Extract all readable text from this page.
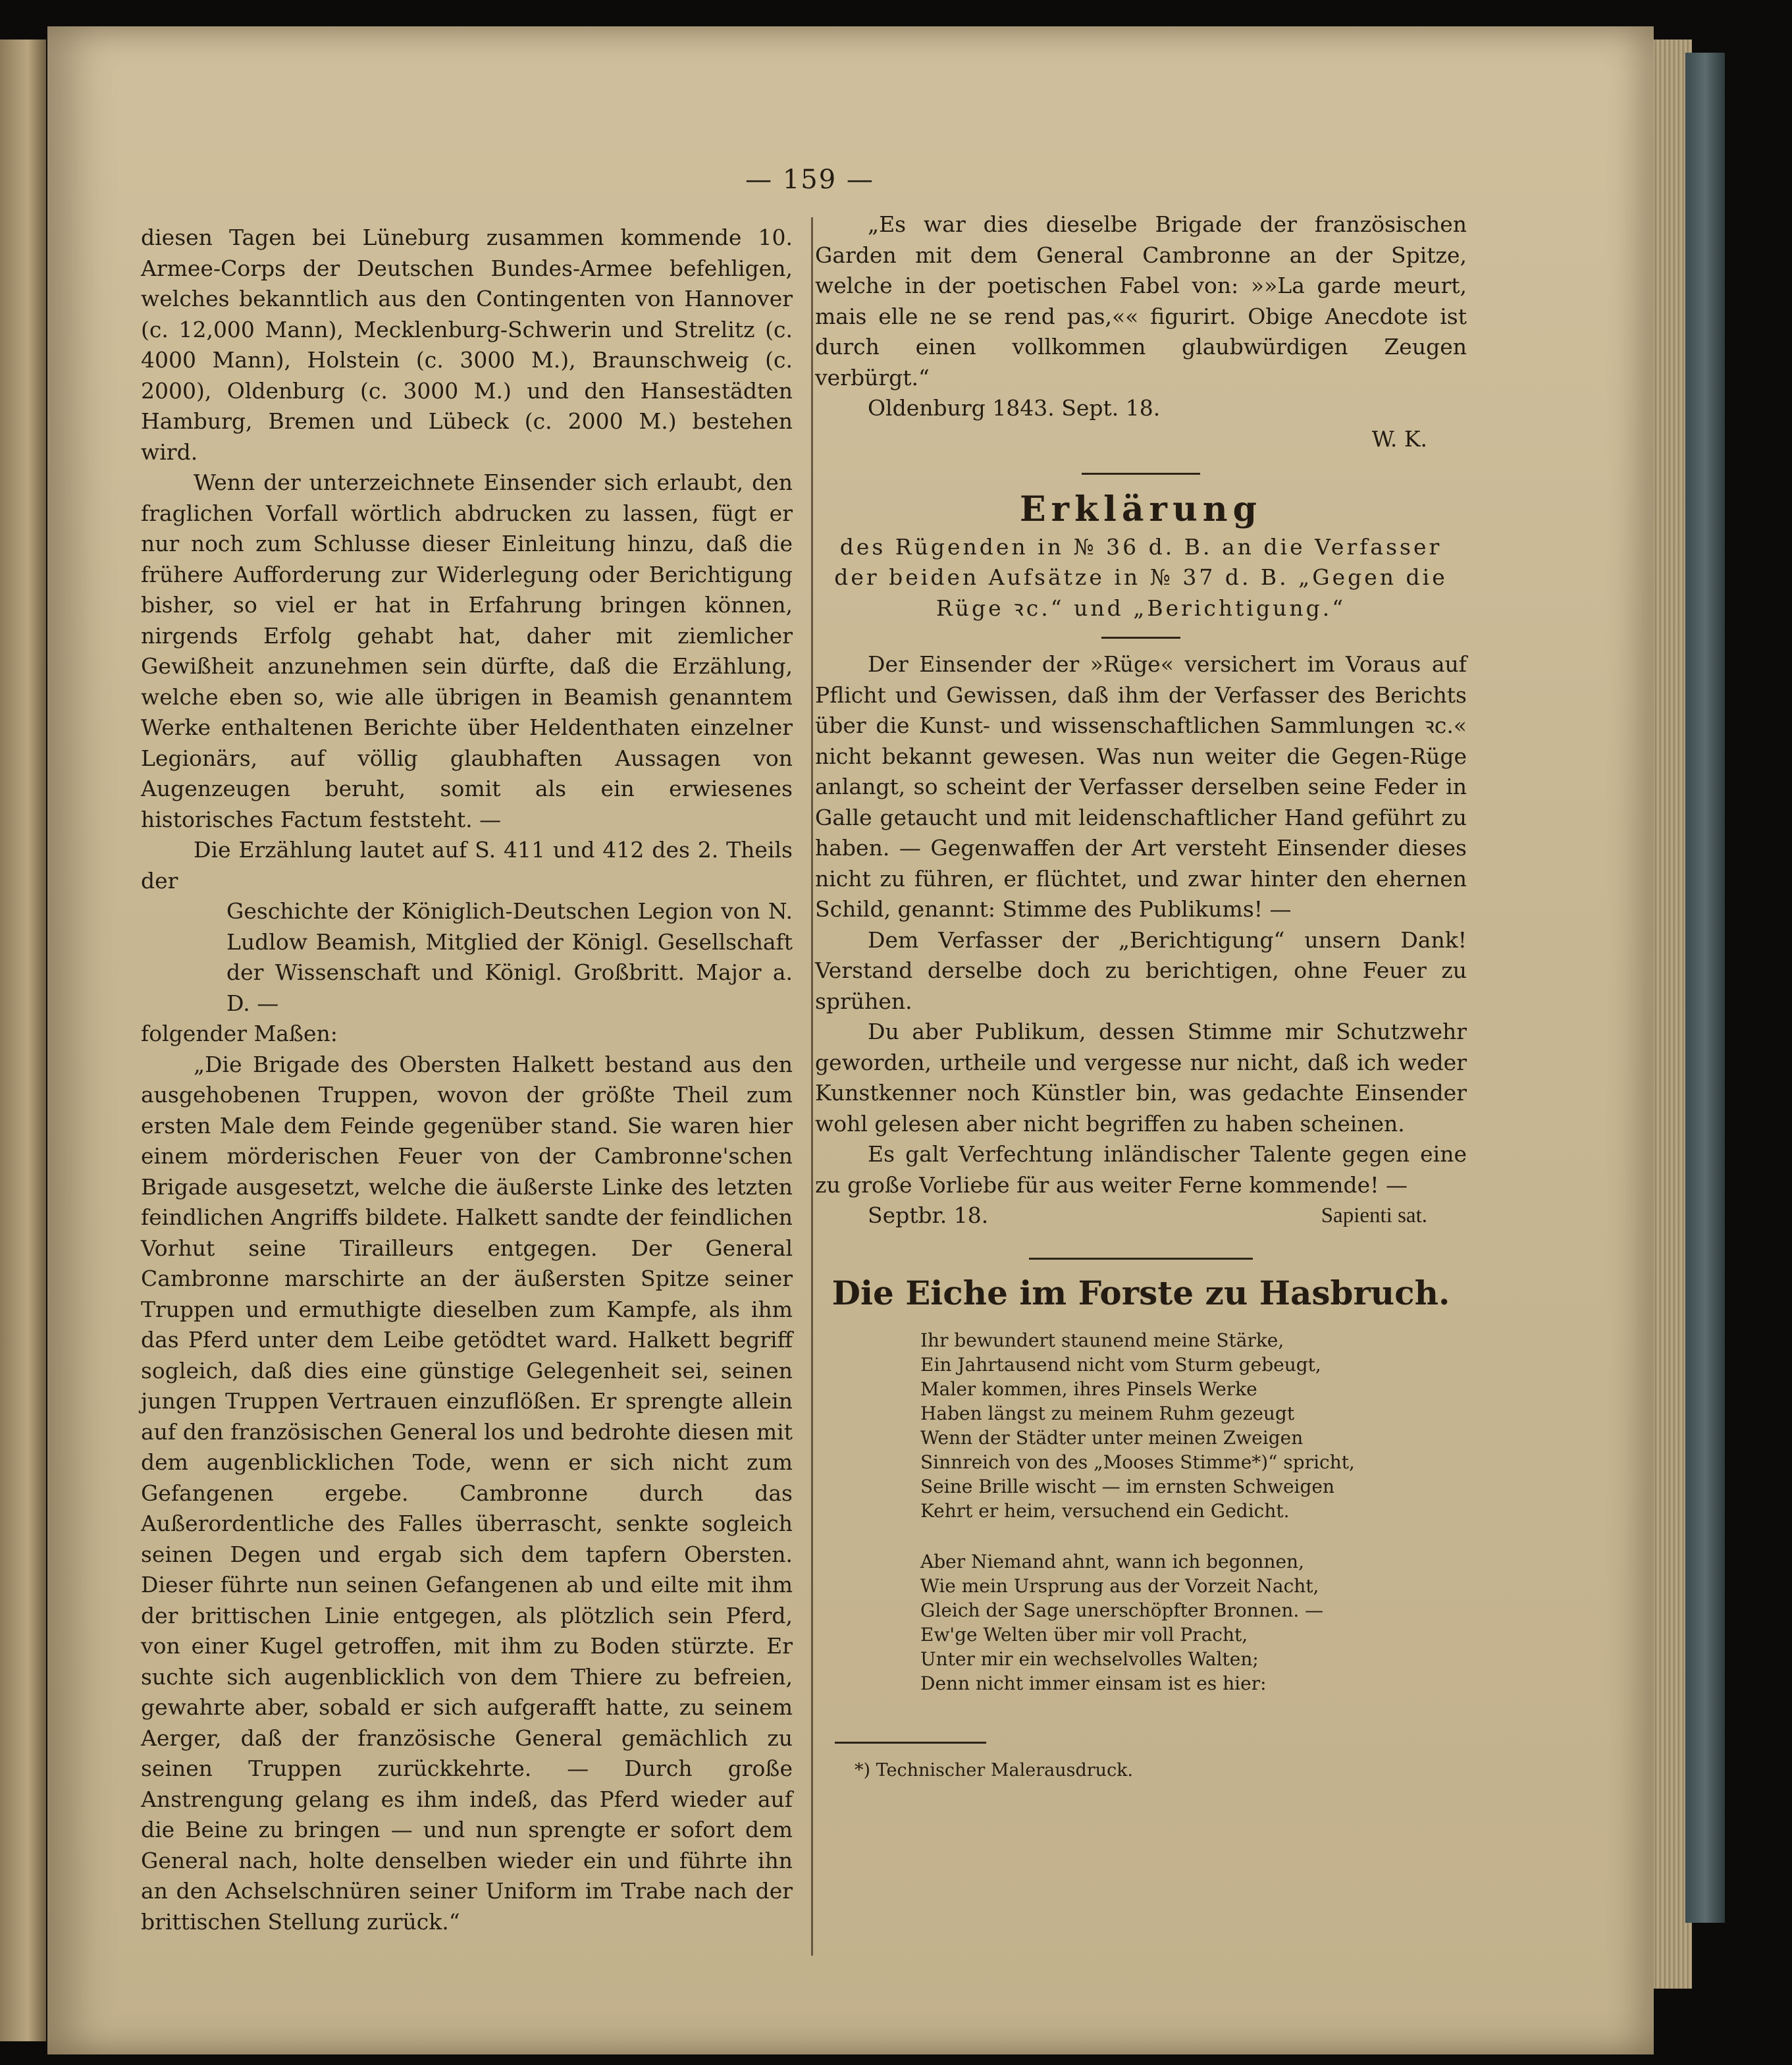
— 159 —

diesen Tagen bei Lüneburg zusammen kommende 10. Armee-Corps der Deutschen Bundes-Armee befehligen, welches bekanntlich aus den Contingenten von Hannover (c. 12,000 Mann), Mecklenburg-Schwerin und Strelitz (c. 4000 Mann), Holstein (c. 3000 M.), Braunschweig (c. 2000), Oldenburg (c. 3000 M.) und den Hansestädten Hamburg, Bremen und Lübeck (c. 2000 M.) bestehen wird.

Wenn der unterzeichnete Einsender sich erlaubt, den fraglichen Vorfall wörtlich abdrucken zu lassen, fügt er nur noch zum Schlusse dieser Einleitung hinzu, daß die frühere Aufforderung zur Widerlegung oder Berichtigung bisher, so viel er hat in Erfahrung bringen können, nirgends Erfolg gehabt hat, daher mit ziemlicher Gewißheit anzunehmen sein dürfte, daß die Erzählung, welche eben so, wie alle übrigen in Beamish genanntem Werke enthaltenen Berichte über Heldenthaten einzelner Legionärs, auf völlig glaubhaften Aussagen von Augenzeugen beruht, somit als ein erwiesenes historisches Factum feststeht. —

Die Erzählung lautet auf S. 411 und 412 des 2. Theils der

Geschichte der Königlich-Deutschen Legion von N. Ludlow Beamish, Mitglied der Königl. Gesellschaft der Wissenschaft und Königl. Großbritt. Major a. D. —

folgender Maßen:

„Die Brigade des Obersten Halkett bestand aus den ausgehobenen Truppen, wovon der größte Theil zum ersten Male dem Feinde gegenüber stand. Sie waren hier einem mörderischen Feuer von der Cambronne'schen Brigade ausgesetzt, welche die äußerste Linke des letzten feindlichen Angriffs bildete. Halkett sandte der feindlichen Vorhut seine Tirailleurs entgegen. Der General Cambronne marschirte an der äußersten Spitze seiner Truppen und ermuthigte dieselben zum Kampfe, als ihm das Pferd unter dem Leibe getödtet ward. Halkett begriff sogleich, daß dies eine günstige Gelegenheit sei, seinen jungen Truppen Vertrauen einzuflößen. Er sprengte allein auf den französischen General los und bedrohte diesen mit dem augenblicklichen Tode, wenn er sich nicht zum Gefangenen ergebe. Cambronne durch das Außerordentliche des Falles überrascht, senkte sogleich seinen Degen und ergab sich dem tapfern Obersten. Dieser führte nun seinen Gefangenen ab und eilte mit ihm der brittischen Linie entgegen, als plötzlich sein Pferd, von einer Kugel getroffen, mit ihm zu Boden stürzte. Er suchte sich augenblicklich von dem Thiere zu befreien, gewahrte aber, sobald er sich aufgerafft hatte, zu seinem Aerger, daß der französische General gemächlich zu seinen Truppen zurückkehrte. — Durch große Anstrengung gelang es ihm indeß, das Pferd wieder auf die Beine zu bringen — und nun sprengte er sofort dem General nach, holte denselben wieder ein und führte ihn an den Achselschnüren seiner Uniform im Trabe nach der brittischen Stellung zurück.“

„Es war dies dieselbe Brigade der französischen Garden mit dem General Cambronne an der Spitze, welche in der poetischen Fabel von: »»La garde meurt, mais elle ne se rend pas,«« figurirt. Obige Anecdote ist durch einen vollkommen glaubwürdigen Zeugen verbürgt.“

Oldenburg 1843. Sept. 18.

W. K.

Erklärung

des Rügenden in № 36 d. B. an die Verfasser der beiden Aufsätze in № 37 d. B. „Gegen die Rüge ꝛc.“ und „Berichtigung.“

Der Einsender der »Rüge« versichert im Voraus auf Pflicht und Gewissen, daß ihm der Verfasser des Berichts über die Kunst- und wissenschaftlichen Sammlungen ꝛc.« nicht bekannt gewesen. Was nun weiter die Gegen-Rüge anlangt, so scheint der Verfasser derselben seine Feder in Galle getaucht und mit leidenschaftlicher Hand geführt zu haben. — Gegenwaffen der Art versteht Einsender dieses nicht zu führen, er flüchtet, und zwar hinter den ehernen Schild, genannt: Stimme des Publikums! —

Dem Verfasser der „Berichtigung“ unsern Dank! Verstand derselbe doch zu berichtigen, ohne Feuer zu sprühen.

Du aber Publikum, dessen Stimme mir Schutzwehr geworden, urtheile und vergesse nur nicht, daß ich weder Kunstkenner noch Künstler bin, was gedachte Einsender wohl gelesen aber nicht begriffen zu haben scheinen.

Es galt Verfechtung inländischer Talente gegen eine zu große Vorliebe für aus weiter Ferne kommende! —

Septbr. 18.	Sapienti sat.

Die Eiche im Forste zu Hasbruch.

Ihr bewundert staunend meine Stärke,
Ein Jahrtausend nicht vom Sturm gebeugt,
Maler kommen, ihres Pinsels Werke
Haben längst zu meinem Ruhm gezeugt
Wenn der Städter unter meinen Zweigen
Sinnreich von des „Mooses Stimme*)“ spricht,
Seine Brille wischt — im ernsten Schweigen
Kehrt er heim, versuchend ein Gedicht.
Aber Niemand ahnt, wann ich begonnen,
Wie mein Ursprung aus der Vorzeit Nacht,
Gleich der Sage unerschöpfter Bronnen. —
Ew'ge Welten über mir voll Pracht,
Unter mir ein wechselvolles Walten;
Denn nicht immer einsam ist es hier:

*) Technischer Malerausdruck.
